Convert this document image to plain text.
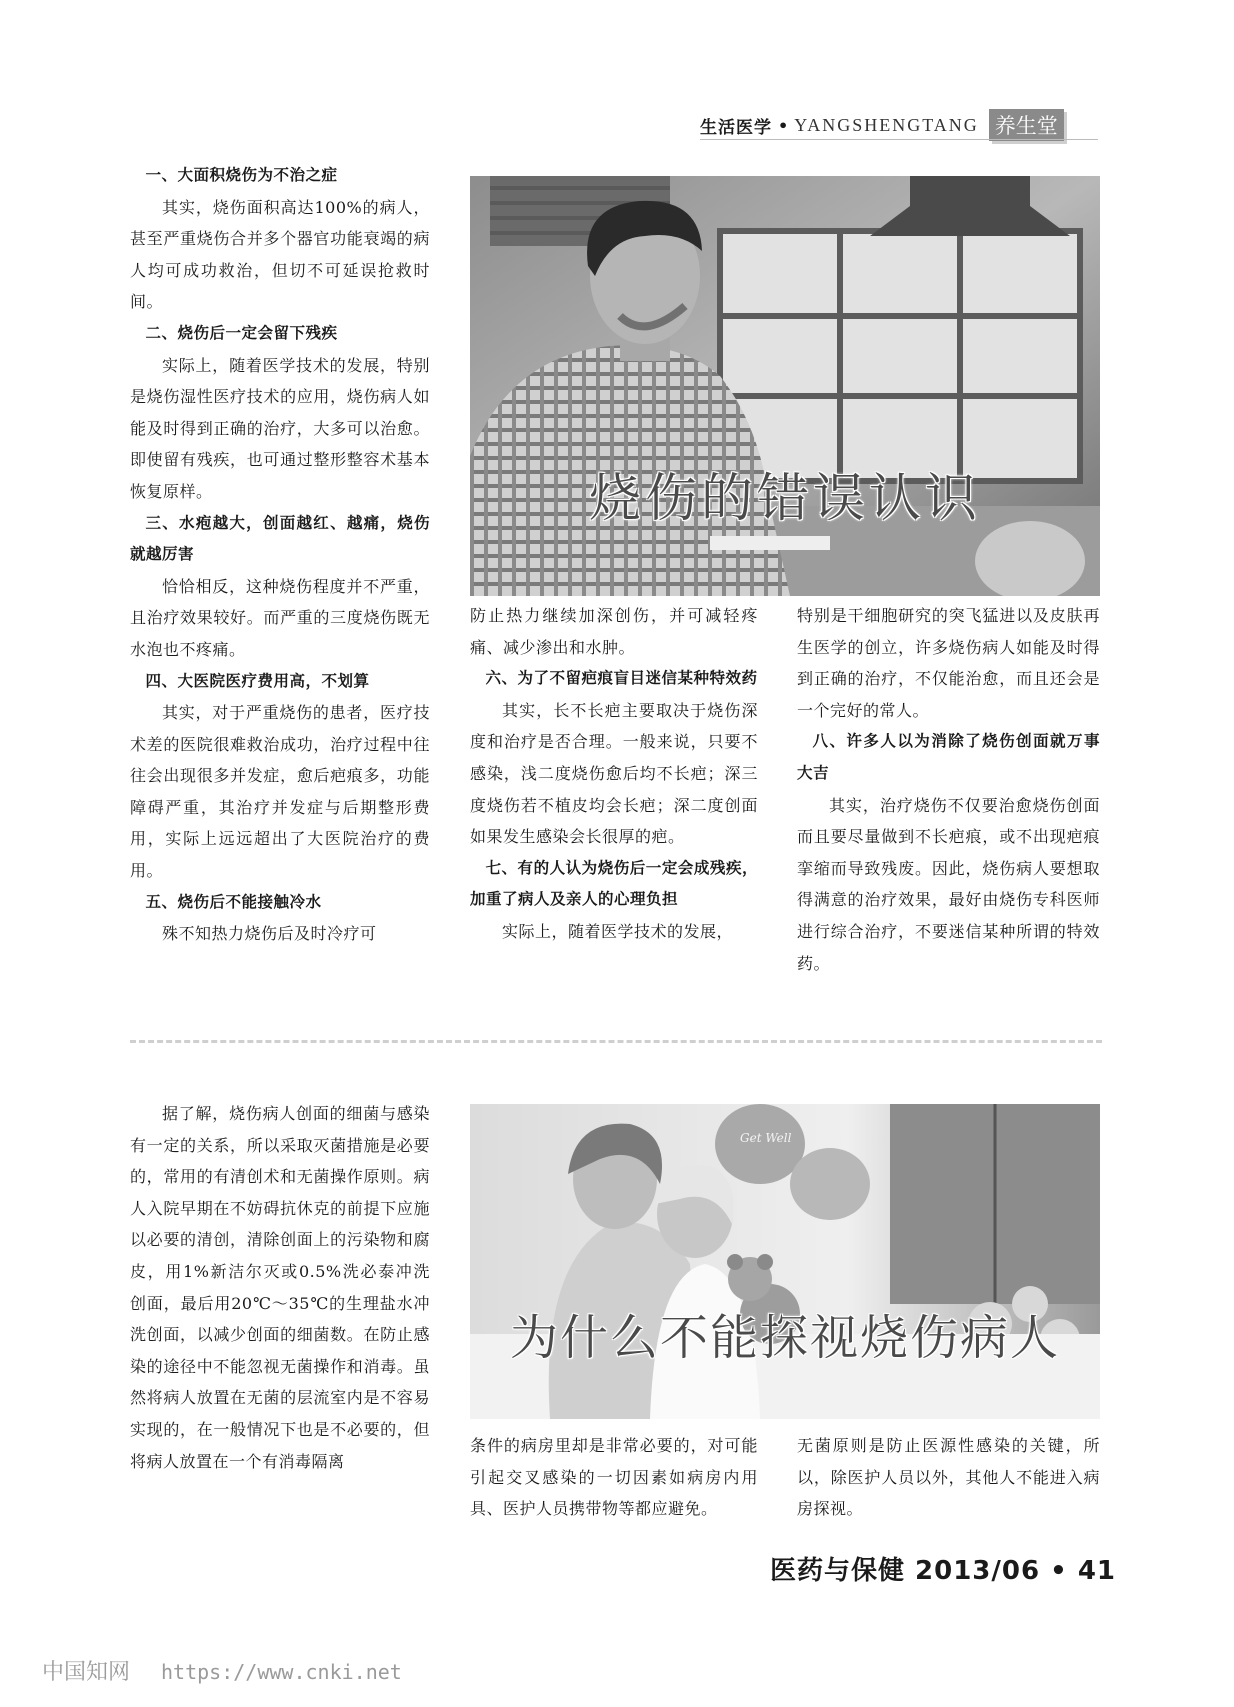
生活医学 • YANGSHENGTANG 养生堂

一、大面积烧伤为不治之症

其实，烧伤面积高达100%的病人，甚至严重烧伤合并多个器官功能衰竭的病人均可成功救治，但切不可延误抢救时间。

二、烧伤后一定会留下残疾

实际上，随着医学技术的发展，特别是烧伤湿性医疗技术的应用，烧伤病人如能及时得到正确的治疗，大多可以治愈。即使留有残疾，也可通过整形整容术基本恢复原样。

三、水疱越大，创面越红、越痛，烧伤就越厉害

恰恰相反，这种烧伤程度并不严重，且治疗效果较好。而严重的三度烧伤既无水泡也不疼痛。

四、大医院医疗费用高，不划算

其实，对于严重烧伤的患者，医疗技术差的医院很难救治成功，治疗过程中往往会出现很多并发症，愈后疤痕多，功能障碍严重，其治疗并发症与后期整形费用，实际上远远超出了大医院治疗的费用。

五、烧伤后不能接触冷水

殊不知热力烧伤后及时冷疗可

烧伤的错误认识

防止热力继续加深创伤，并可减轻疼痛、减少渗出和水肿。

六、为了不留疤痕盲目迷信某种特效药

其实，长不长疤主要取决于烧伤深度和治疗是否合理。一般来说，只要不感染，浅二度烧伤愈后均不长疤；深三度烧伤若不植皮均会长疤；深二度创面如果发生感染会长很厚的疤。

七、有的人认为烧伤后一定会成残疾，加重了病人及亲人的心理负担

实际上，随着医学技术的发展，

特别是干细胞研究的突飞猛进以及皮肤再生医学的创立，许多烧伤病人如能及时得到正确的治疗，不仅能治愈，而且还会是一个完好的常人。

八、许多人以为消除了烧伤创面就万事大吉

其实，治疗烧伤不仅要治愈烧伤创面而且要尽量做到不长疤痕，或不出现疤痕挛缩而导致残废。因此，烧伤病人要想取得满意的治疗效果，最好由烧伤专科医师进行综合治疗，不要迷信某种所谓的特效药。

据了解，烧伤病人创面的细菌与感染有一定的关系，所以采取灭菌措施是必要的，常用的有清创术和无菌操作原则。病人入院早期在不妨碍抗休克的前提下应施以必要的清创，清除创面上的污染物和腐皮，用1%新洁尔灭或0.5%洗必泰冲洗创面，最后用20℃～35℃的生理盐水冲洗创面，以减少创面的细菌数。在防止感染的途径中不能忽视无菌操作和消毒。虽然将病人放置在无菌的层流室内是不容易实现的，在一般情况下也是不必要的，但将病人放置在一个有消毒隔离

Get Well
为什么不能探视烧伤病人

条件的病房里却是非常必要的，对可能引起交叉感染的一切因素如病房内用具、医护人员携带物等都应避免。

无菌原则是防止医源性感染的关键，所以，除医护人员以外，其他人不能进入病房探视。

医药与保健 2013/06 • 41
中国知网 https://www.cnki.net
